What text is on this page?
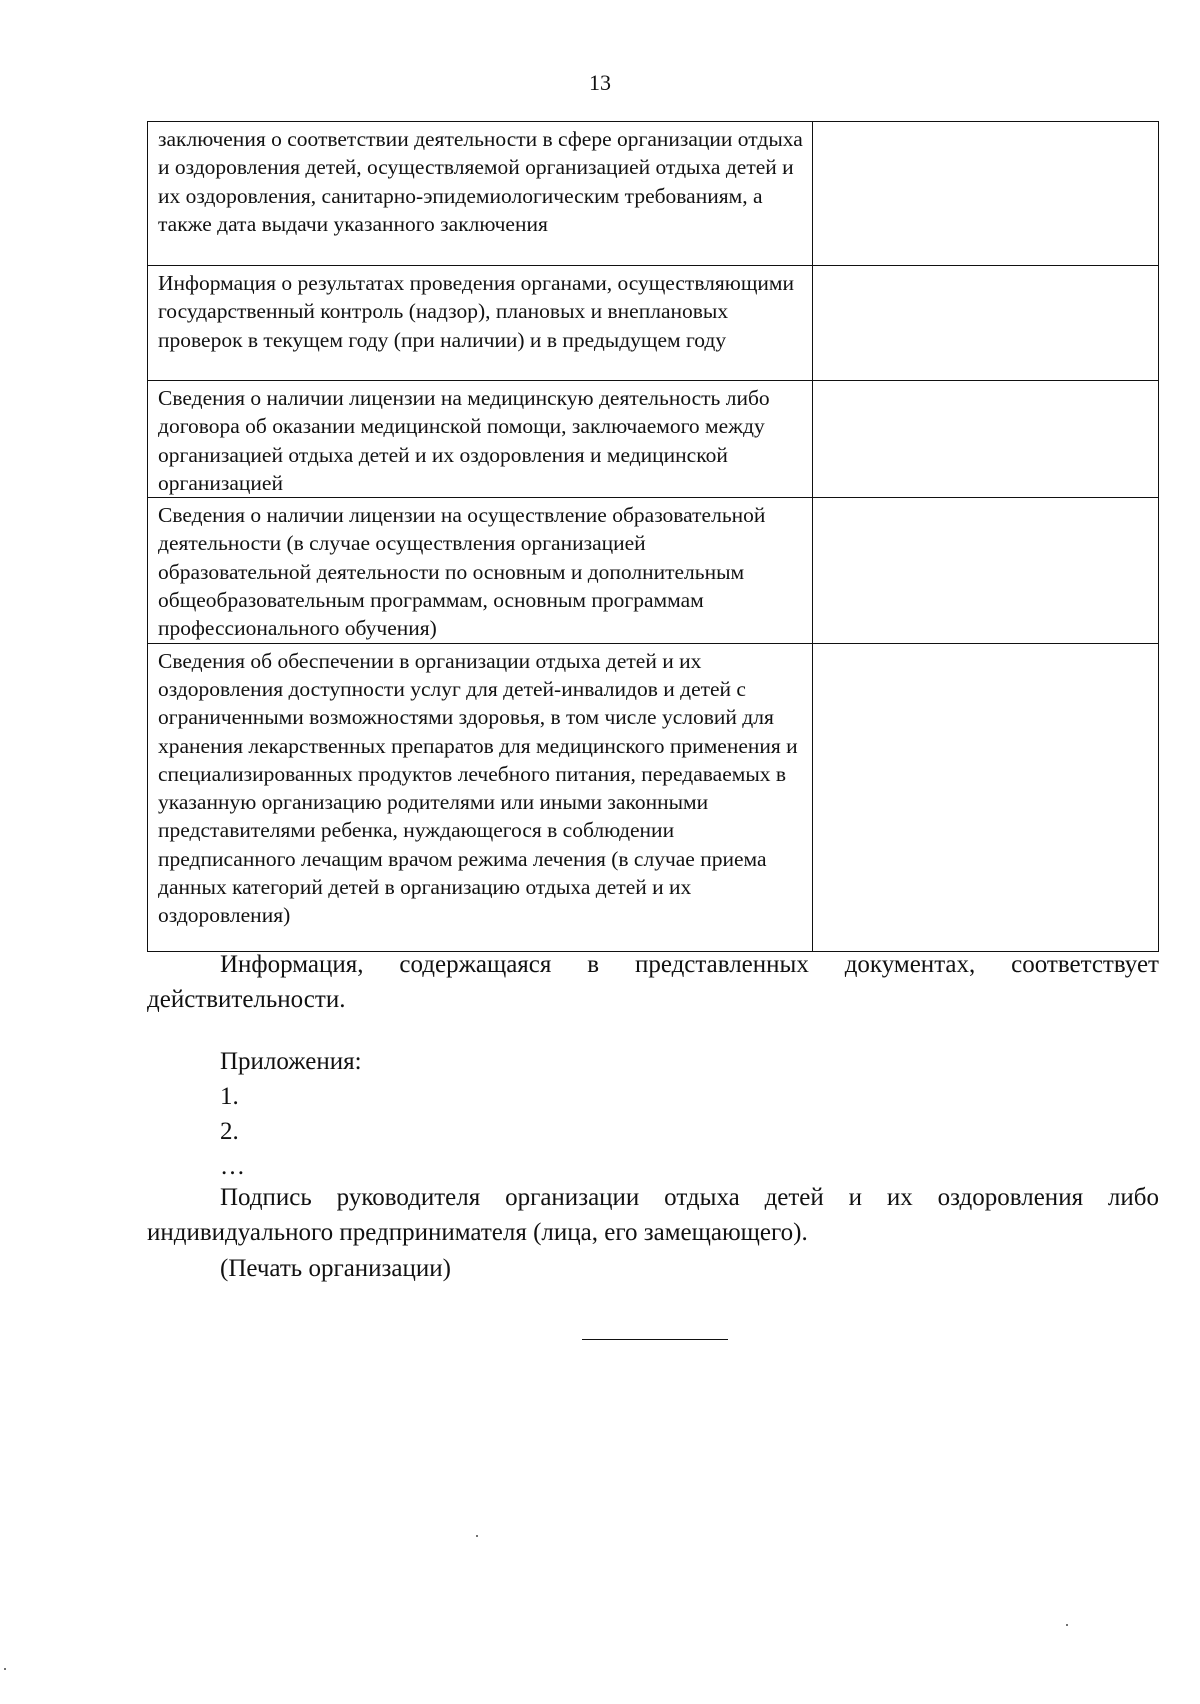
13
заключения о соответствии деятельности в сфере организации отдыха и оздоровления детей, осуществляемой организацией отдыха детей и их оздоровления, санитарно-эпидемиологическим требованиям, а также дата выдачи указанного заключения	
Информация о результатах проведения органами, осуществляющими государственный контроль (надзор), плановых и внеплановых проверок в текущем году (при наличии) и в предыдущем году	
Сведения о наличии лицензии на медицинскую деятельность либо договора об оказании медицинской помощи, заключаемого между организацией отдыха детей и их оздоровления и медицинской организацией	
Сведения о наличии лицензии на осуществление образовательной деятельности (в случае осуществления организацией образовательной деятельности по основным и дополнительным общеобразовательным программам, основным программам профессионального обучения)	
Сведения об обеспечении в организации отдыха детей и их оздоровления доступности услуг для детей-инвалидов и детей с ограниченными возможностями здоровья, в том числе условий для хранения лекарственных препаратов для медицинского применения и специализированных продуктов лечебного питания, передаваемых в указанную организацию родителями или иными законными представителями ребенка, нуждающегося в соблюдении предписанного лечащим врачом режима лечения (в случае приема данных категорий детей в организацию отдыха детей и их оздоровления)	

Информация, содержащаяся в представленных документах, соответствует действительности.

Приложения:
1.
2.
…

Подпись руководителя организации отдыха детей и их оздоровления либо индивидуального предпринимателя (лица, его замещающего).

(Печать организации)
